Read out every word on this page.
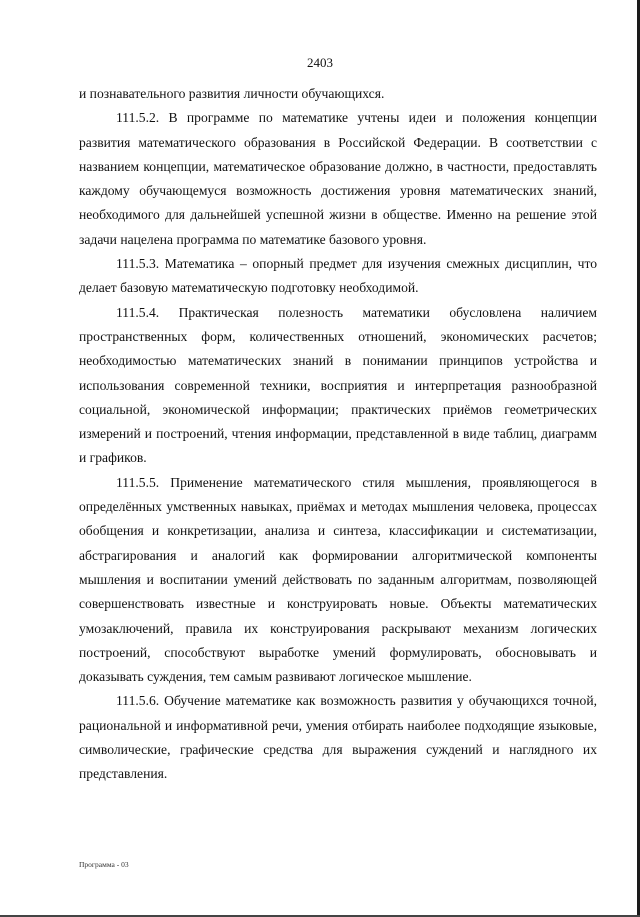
2403

и познавательного развития личности обучающихся.

111.5.2. В программе по математике учтены идеи и положения концепции развития математического образования в Российской Федерации. В соответствии с названием концепции, математическое образование должно, в частности, предоставлять каждому обучающемуся возможность достижения уровня математических знаний, необходимого для дальнейшей успешной жизни в обществе. Именно на решение этой задачи нацелена программа по математике базового уровня.

111.5.3. Математика – опорный предмет для изучения смежных дисциплин, что делает базовую математическую подготовку необходимой.

111.5.4. Практическая полезность математики обусловлена наличием пространственных форм, количественных отношений, экономических расчетов; необходимостью математических знаний в понимании принципов устройства и использования современной техники, восприятия и интерпретация разнообразной социальной, экономической информации; практических приёмов геометрических измерений и построений, чтения информации, представленной в виде таблиц, диаграмм и графиков.

111.5.5. Применение математического стиля мышления, проявляющегося в определённых умственных навыках, приёмах и методах мышления человека, процессах обобщения и конкретизации, анализа и синтеза, классификации и систематизации, абстрагирования и аналогий как формировании алгоритмической компоненты мышления и воспитании умений действовать по заданным алгоритмам, позволяющей совершенствовать известные и конструировать новые. Объекты математических умозаключений, правила их конструирования раскрывают механизм логических построений, способствуют выработке умений формулировать, обосновывать и доказывать суждения, тем самым развивают логическое мышление.

111.5.6. Обучение математике как возможность развития у обучающихся точной, рациональной и информативной речи, умения отбирать наиболее подходящие языковые, символические, графические средства для выражения суждений и наглядного их представления.

Программа - 03
